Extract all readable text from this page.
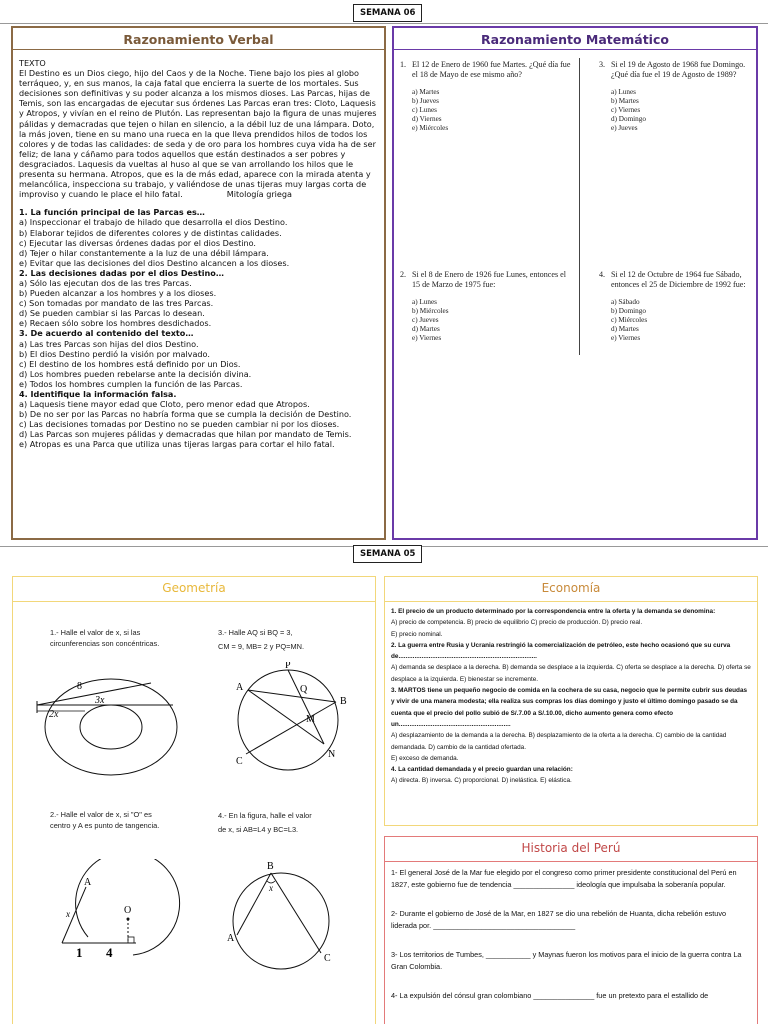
SEMANA 06
Razonamiento Verbal

TEXTO

El Destino es un Dios ciego, hijo del Caos y de la Noche. Tiene bajo los pies al globo terráqueo, y, en sus manos, la caja fatal que encierra la suerte de los mortales. Sus decisiones son definitivas y su poder alcanza a los mismos dioses. Las Parcas, hijas de Temis, son las encargadas de ejecutar sus órdenes Las Parcas eran tres: Cloto, Laquesis y Atropos, y vivían en el reino de Plutón. Las representan bajo la figura de unas mujeres pálidas y demacradas que tejen o hilan en silencio, a la débil luz de una lámpara. Doto, la más joven, tiene en su mano una rueca en la que lleva prendidos hilos de todos los colores y de todas las calidades: de seda y de oro para los hombres cuya vida ha de ser feliz; de lana y cáñamo para todos aquellos que están destinados a ser pobres y desgraciados. Laquesis da vueltas al huso al que se van arrollando los hilos que le presenta su hermana. Atropos, que es la de más edad, aparece con la mirada atenta y melancólica, inspecciona su trabajo, y valiéndose de unas tijeras muy largas corta de improviso y cuando le place el hilo fatal.	Mitología griega

1. La función principal de las Parcas es…

a) Inspeccionar el trabajo de hilado que desarrolla el dios Destino.

b) Elaborar tejidos de diferentes colores y de distintas calidades.

c) Ejecutar las diversas órdenes dadas por el dios Destino.

d) Tejer o hilar constantemente a la luz de una débil lámpara.

e) Evitar que las decisiones del dios Destino alcancen a los dioses.

2. Las decisiones dadas por el dios Destino…

a) Sólo las ejecutan dos de las tres Parcas.

b) Pueden alcanzar a los hombres y a los dioses.

c) Son tomadas por mandato de las tres Parcas.

d) Se pueden cambiar si las Parcas lo desean.

e) Recaen sólo sobre los hombres desdichados.

3. De acuerdo al contenido del texto…

a) Las tres Parcas son hijas del dios Destino.

b) El dios Destino perdió la visión por malvado.

c) El destino de los hombres está definido por un Dios.

d) Los hombres pueden rebelarse ante la decisión divina.

e) Todos los hombres cumplen la función de las Parcas.

4. Identifique la información falsa.

a) Laquesis tiene mayor edad que Cloto, pero menor edad que Atropos.

b) De no ser por las Parcas no habría forma que se cumpla la decisión de Destino.

c) Las decisiones tomadas por Destino no se pueden cambiar ni por los dioses.

d) Las Parcas son mujeres pálidas y demacradas que hilan por mandato de Temis.

e) Atropas es una Parca que utiliza unas tijeras largas para cortar el hilo fatal.

Razonamiento Matemático
1. El 12 de Enero de 1960 fue Martes. ¿Qué día fue el 18 de Mayo de ese mismo año?
a) Martes
b) Jueves
c) Lunes
d) Viernes
e) Miércoles
3. Si el 19 de Agosto de 1968 fue Domingo. ¿Qué día fue el 19 de Agosto de 1989?
a) Lunes
b) Martes
c) Viernes
d) Domingo
e) Jueves
2. Si el 8 de Enero de 1926 fue Lunes, entonces el 15 de Marzo de 1975 fue:
a) Lunes
b) Miércoles
c) Jueves
d) Martes
e) Viernes
4. Si el 12 de Octubre de 1964 fue Sábado, entonces el 25 de Diciembre de 1992 fue:
a) Sábado
b) Domingo
c) Miércoles
d) Martes
e) Viernes
SEMANA 05
Geometría
1.- Halle el valor de x, si las circunferencias son concéntricas.
3.- Halle AQ si BQ = 3,
CM = 9, MB= 2 y PQ=MN.
8
3x
2x
P
A	Q
B
M
C
N
2.- Halle el valor de x, si "O" es centro y A es punto de tangencia.
4.- En la figura, halle el valor de x, si AB=L4 y BC=L3.
A
x	O
1 4
B
x
A
C
Economía

1. El precio de un producto determinado por la correspondencia entre la oferta y la demanda se denomina:

A) precio de competencia. B) precio de equilibrio C) precio de producción. D) precio real.

E) precio nominal.

2. La guerra entre Rusia y Ucrania restringió la comercialización de petróleo, este hecho ocasionó que su curva de..............................................................................

A) demanda se desplace a la derecha. B) demanda se desplace a la izquierda. C) oferta se desplace a la derecha. D) oferta se desplace a la izquierda. E) bienestar se incremente.

3. MARTOS tiene un pequeño negocio de comida en la cochera de su casa, negocio que le permite cubrir sus deudas y vivir de una manera modesta; ella realiza sus compras los días domingo y justo el último domingo pasado se da cuenta que el precio del pollo subió de S/.7.00 a S/.10.00, dicho aumento genera como efecto un...............................................................

A) desplazamiento de la demanda a la derecha. B) desplazamiento de la oferta a la derecha. C) cambio de la cantidad demandada. D) cambio de la cantidad ofertada.

E) exceso de demanda.

4. La cantidad demandada y el precio guardan una relación:

A) directa. B) inversa. C) proporcional. D) inelástica. E) elástica.

Historia del Perú

1- El general José de la Mar fue elegido por el congreso como primer presidente constitucional del Perú en 1827, este gobierno fue de tendencia _______________ ideología que impulsaba la soberanía popular.

2- Durante el gobierno de José de la Mar, en 1827 se dio una rebelión de Huanta, dicha rebelión estuvo liderada por. ___________________________________

3- Los territorios de Tumbes, ___________ y Maynas fueron los motivos para el inicio de la guerra contra La Gran Colombia.

4- La expulsión del cónsul gran colombiano _______________ fue un pretexto para el estallido de
